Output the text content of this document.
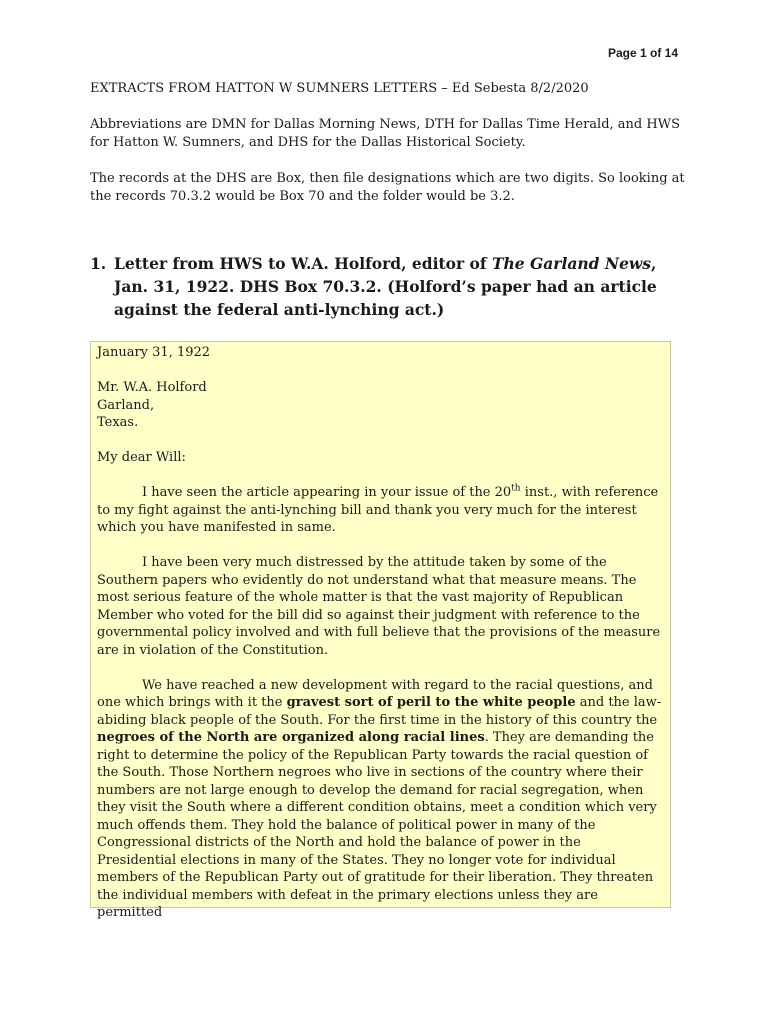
Page 1 of 14

EXTRACTS FROM HATTON W SUMNERS LETTERS – Ed Sebesta 8/2/2020

Abbreviations are DMN for Dallas Morning News, DTH for Dallas Time Herald, and HWS for Hatton W. Sumners, and DHS for the Dallas Historical Society.

The records at the DHS are Box, then file designations which are two digits. So looking at the records 70.3.2 would be Box 70 and the folder would be 3.2.

1. Letter from HWS to W.A. Holford, editor of The Garland News, Jan. 31, 1922. DHS Box 70.3.2. (Holford’s paper had an article against the federal anti-lynching act.)

January 31, 1922

Mr. W.A. Holford
Garland,
Texas.

My dear Will:

I have seen the article appearing in your issue of the 20th inst., with reference to my fight against the anti-lynching bill and thank you very much for the interest which you have manifested in same.

I have been very much distressed by the attitude taken by some of the Southern papers who evidently do not understand what that measure means. The most serious feature of the whole matter is that the vast majority of Republican Member who voted for the bill did so against their judgment with reference to the governmental policy involved and with full believe that the provisions of the measure are in violation of the Constitution.

We have reached a new development with regard to the racial questions, and one which brings with it the gravest sort of peril to the white people and the law-abiding black people of the South. For the first time in the history of this country the negroes of the North are organized along racial lines. They are demanding the right to determine the policy of the Republican Party towards the racial question of the South. Those Northern negroes who live in sections of the country where their numbers are not large enough to develop the demand for racial segregation, when they visit the South where a different condition obtains, meet a condition which very much offends them. They hold the balance of political power in many of the Congressional districts of the North and hold the balance of power in the Presidential elections in many of the States. They no longer vote for individual members of the Republican Party out of gratitude for their liberation. They threaten the individual members with defeat in the primary elections unless they are permitted
